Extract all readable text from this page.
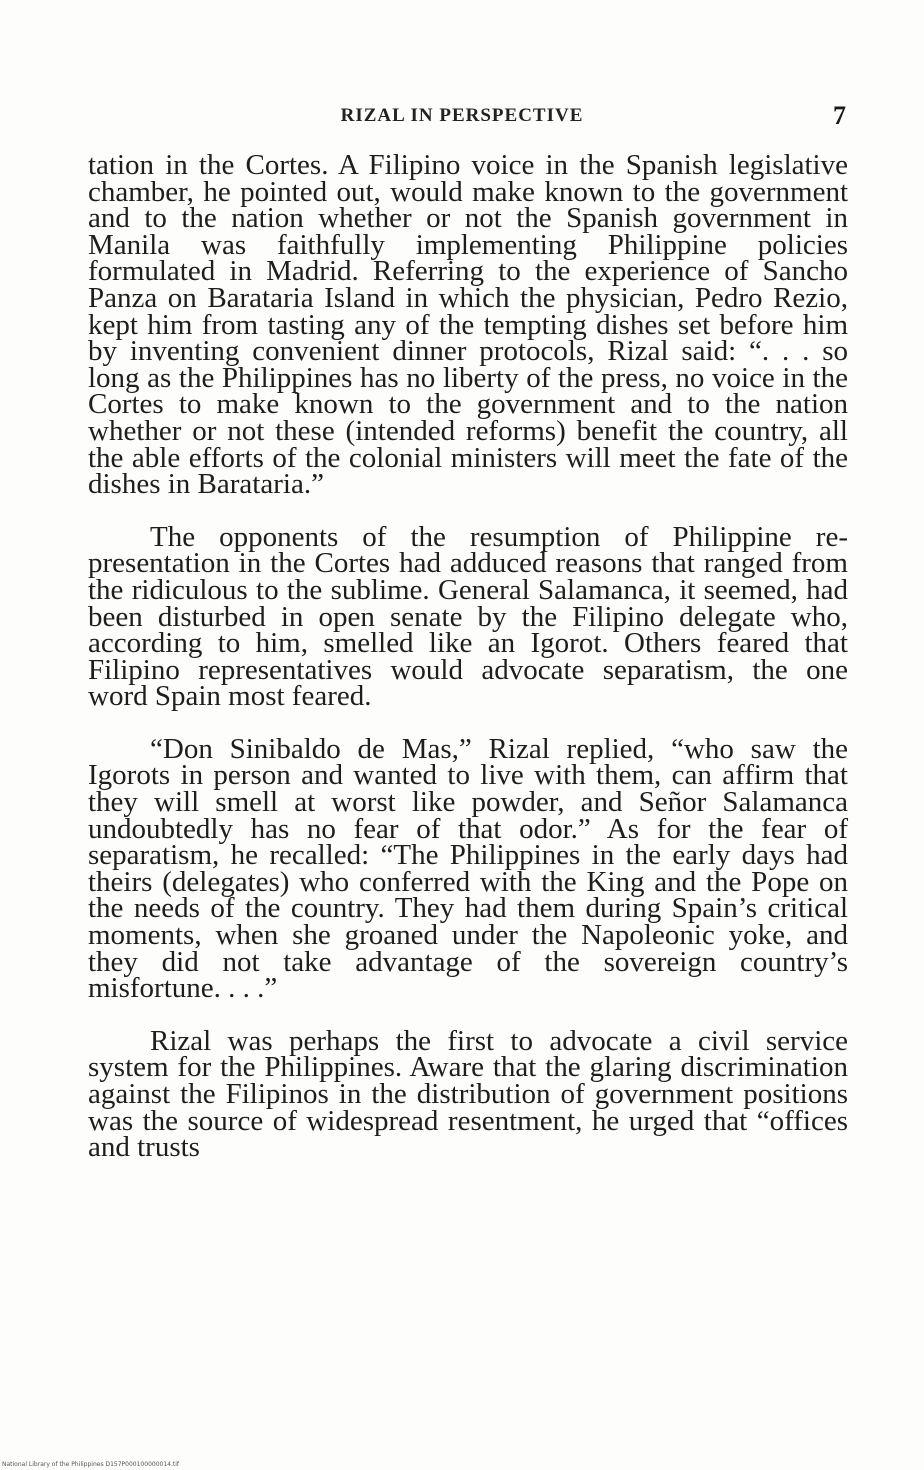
RIZAL IN PERSPECTIVE	7

tation in the Cortes. A Filipino voice in the Spanish legislative chamber, he pointed out, would make known to the government and to the nation whether or not the Spanish government in Manila was faithfully implementing Philippine policies formulated in Madrid. Referring to the experience of Sancho Panza on Barataria Island in which the physician, Pedro Rezio, kept him from tasting any of the tempting dishes set before him by inventing convenient dinner protocols, Rizal said: “. . . so long as the Philippines has no liberty of the press, no voice in the Cortes to make known to the government and to the nation whether or not these (intended reforms) benefit the country, all the able efforts of the colonial ministers will meet the fate of the dishes in Barataria.”

The opponents of the resumption of Philippine representation in the Cortes had adduced reasons that ranged from the ridiculous to the sublime. General Salamanca, it seemed, had been disturbed in open senate by the Filipino delegate who, according to him, smelled like an Igorot. Others feared that Filipino representatives would advocate separatism, the one word Spain most feared.

“Don Sinibaldo de Mas,” Rizal replied, “who saw the Igorots in person and wanted to live with them, can affirm that they will smell at worst like powder, and Señor Salamanca undoubtedly has no fear of that odor.” As for the fear of separatism, he recalled: “The Philippines in the early days had theirs (delegates) who conferred with the King and the Pope on the needs of the country. They had them during Spain’s critical moments, when she groaned under the Napoleonic yoke, and they did not take advantage of the sovereign country’s misfortune. . . .”

Rizal was perhaps the first to advocate a civil service system for the Philippines. Aware that the glaring discrimination against the Filipinos in the distribution of government positions was the source of widespread resentment, he urged that “offices and trusts

National Library of the Philippines D157P000100000014.tif
